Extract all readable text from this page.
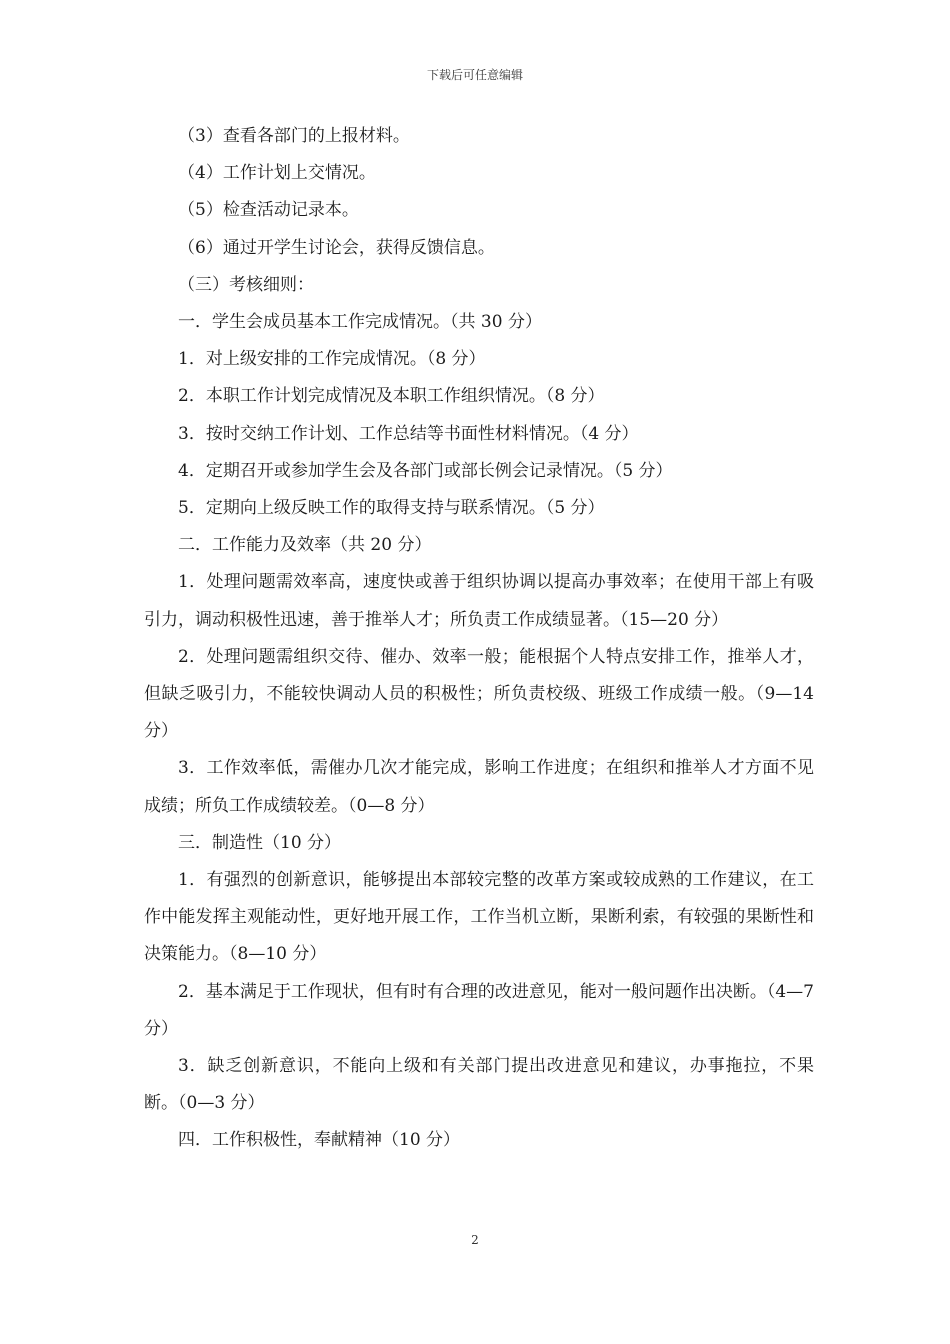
下载后可任意编辑

（3）查看各部门的上报材料。

（4）工作计划上交情况。

（5）检查活动记录本。

（6）通过开学生讨论会，获得反馈信息。

（三）考核细则：

一．学生会成员基本工作完成情况。（共 30 分）

1．对上级安排的工作完成情况。（8 分）

2．本职工作计划完成情况及本职工作组织情况。（8 分）

3．按时交纳工作计划、工作总结等书面性材料情况。（4 分）

4．定期召开或参加学生会及各部门或部长例会记录情况。（5 分）

5．定期向上级反映工作的取得支持与联系情况。（5 分）

二．工作能力及效率（共 20 分）

1．处理问题需效率高，速度快或善于组织协调以提高办事效率；在使用干部上有吸引力，调动积极性迅速，善于推举人才；所负责工作成绩显著。（15—20 分）

2．处理问题需组织交待、催办、效率一般；能根据个人特点安排工作，推举人才，但缺乏吸引力，不能较快调动人员的积极性；所负责校级、班级工作成绩一般。（9—14 分）

3．工作效率低，需催办几次才能完成，影响工作进度；在组织和推举人才方面不见成绩；所负工作成绩较差。（0—8 分）

三．制造性（10 分）

1．有强烈的创新意识，能够提出本部较完整的改革方案或较成熟的工作建议，在工作中能发挥主观能动性，更好地开展工作，工作当机立断，果断利索，有较强的果断性和决策能力。（8—10 分）

2．基本满足于工作现状，但有时有合理的改进意见，能对一般问题作出决断。（4—7 分）

3．缺乏创新意识，不能向上级和有关部门提出改进意见和建议，办事拖拉，不果断。（0—3 分）

四．工作积极性，奉献精神（10 分）

2
